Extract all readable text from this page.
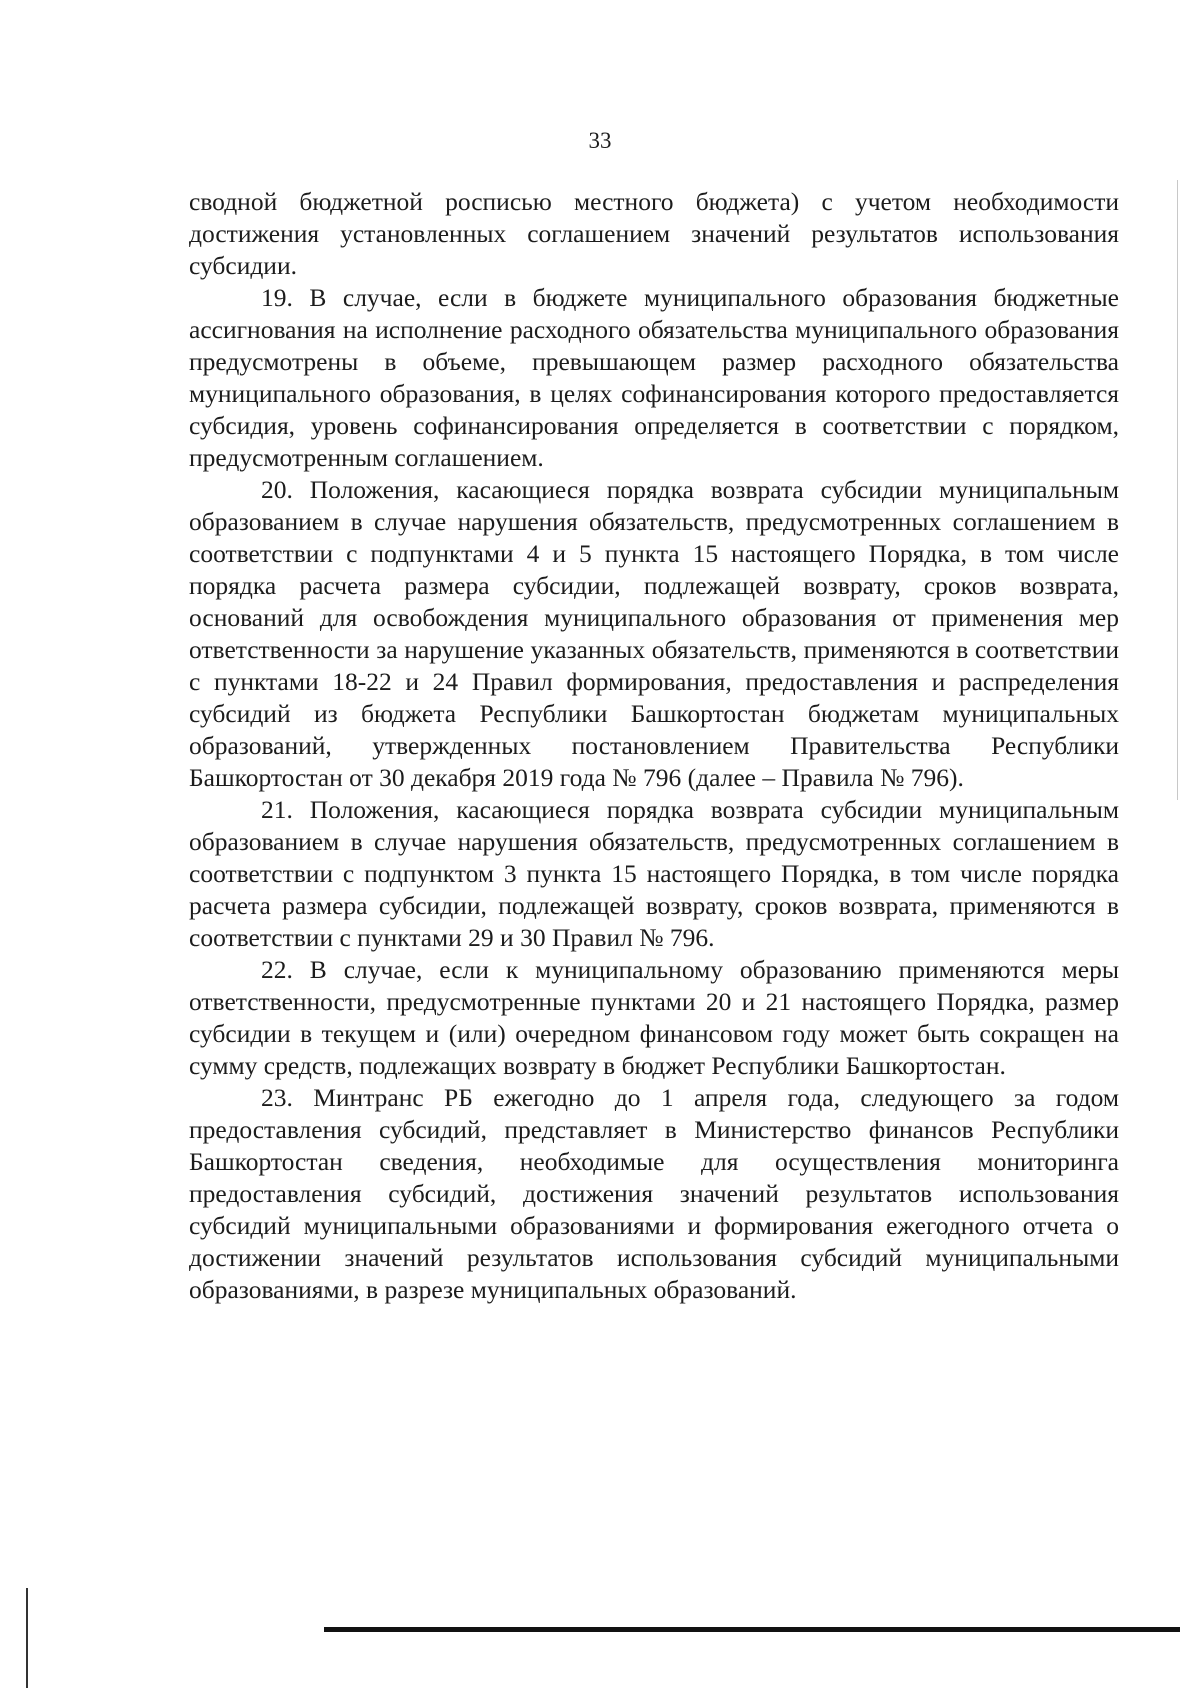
33

сводной бюджетной росписью местного бюджета) с учетом необходимости достижения установленных соглашением значений результатов использования субсидии.

19. В случае, если в бюджете муниципального образования бюджетные ассигнования на исполнение расходного обязательства муниципального образования предусмотрены в объеме, превышающем размер расходного обязательства муниципального образования, в целях софинансирования которого предоставляется субсидия, уровень софинансирования определяется в соответствии с порядком, предусмотренным соглашением.

20. Положения, касающиеся порядка возврата субсидии муниципальным образованием в случае нарушения обязательств, предусмотренных соглашением в соответствии с подпунктами 4 и 5 пункта 15 настоящего Порядка, в том числе порядка расчета размера субсидии, подлежащей возврату, сроков возврата, оснований для освобождения муниципального образования от применения мер ответственности за нарушение указанных обязательств, применяются в соответствии с пунктами 18-22 и 24 Правил формирования, предоставления и распределения субсидий из бюджета Республики Башкортостан бюджетам муниципальных образований, утвержденных постановлением Правительства Республики Башкортостан от 30 декабря 2019 года № 796 (далее – Правила № 796).

21. Положения, касающиеся порядка возврата субсидии муниципальным образованием в случае нарушения обязательств, предусмотренных соглашением в соответствии с подпунктом 3 пункта 15 настоящего Порядка, в том числе порядка расчета размера субсидии, подлежащей возврату, сроков возврата, применяются в соответствии с пунктами 29 и 30 Правил № 796.

22. В случае, если к муниципальному образованию применяются меры ответственности, предусмотренные пунктами 20 и 21 настоящего Порядка, размер субсидии в текущем и (или) очередном финансовом году может быть сокращен на сумму средств, подлежащих возврату в бюджет Республики Башкортостан.

23. Минтранс РБ ежегодно до 1 апреля года, следующего за годом предоставления субсидий, представляет в Министерство финансов Республики Башкортостан сведения, необходимые для осуществления мониторинга предоставления субсидий, достижения значений результатов использования субсидий муниципальными образованиями и формирования ежегодного отчета о достижении значений результатов использования субсидий муниципальными образованиями, в разрезе муниципальных образований.
